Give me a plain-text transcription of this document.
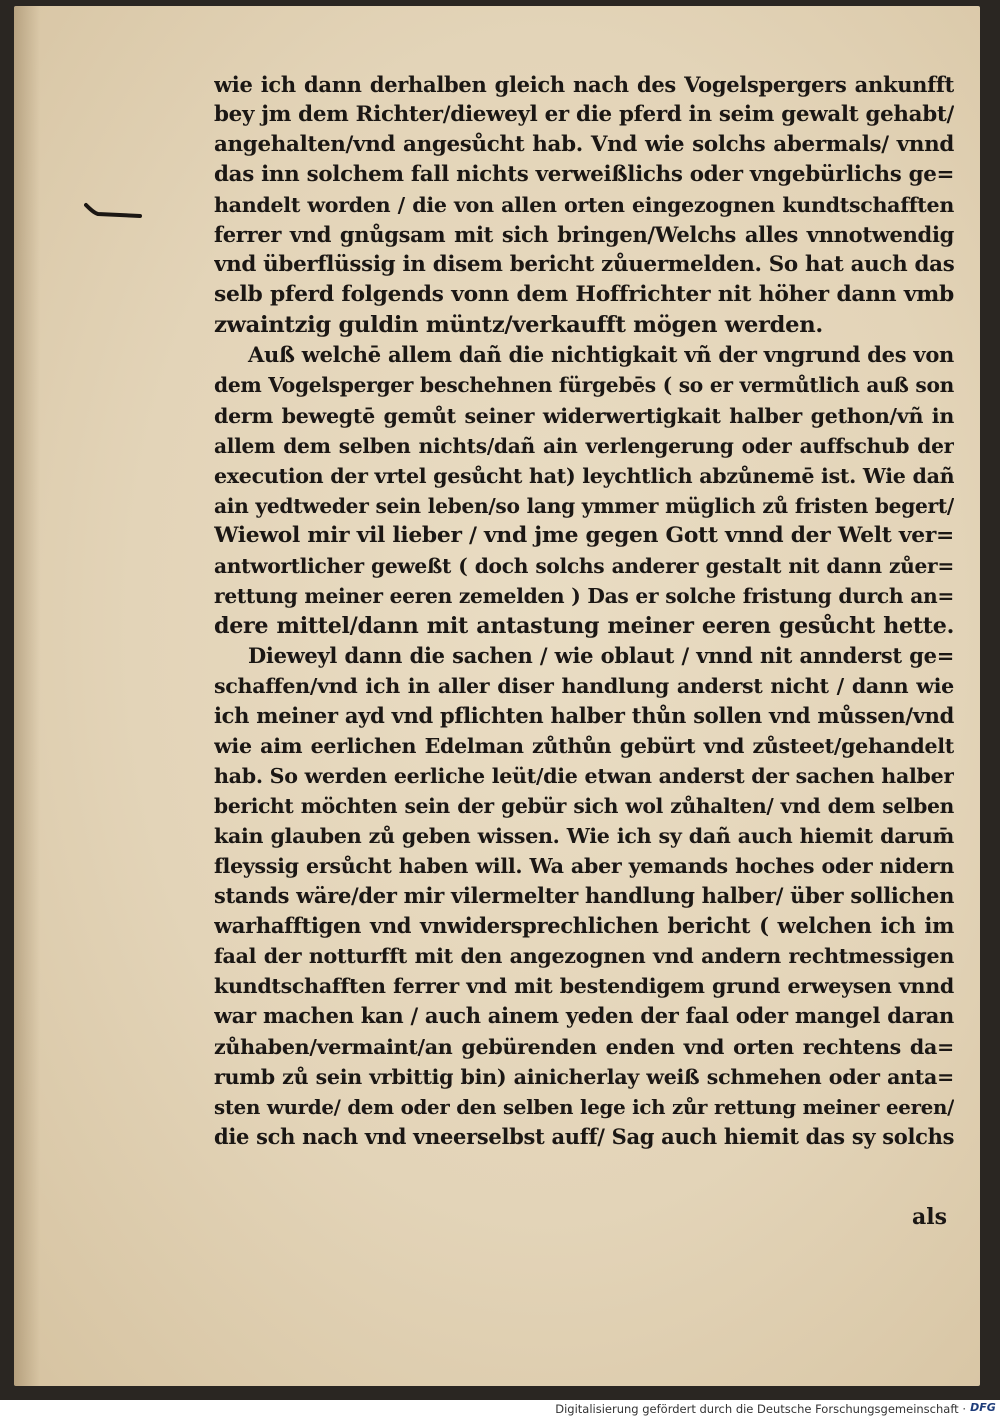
wie ich dann derhalben gleich nach des Vogelspergers ankunfft
bey jm dem Richter/dieweyl er die pferd in seim gewalt gehabt/
angehalten/vnd angesůcht hab. Vnd wie solchs abermals/ vnnd
das inn solchem fall nichts verweißlichs oder vngebürlichs ge=
handelt worden / die von allen orten eingezognen kundtschafften
ferrer vnd gnůgsam mit sich bringen/Welchs alles vnnotwendig
vnd überflüssig in disem bericht zůuermelden. So hat auch das
selb pferd folgends vonn dem Hoffrichter nit höher dann vmb
zwaintzig guldin müntz/verkaufft mögen werden.
Auß welchē allem dañ die nichtigkait vñ der vngrund des von
dem Vogelsperger beschehnen fürgebēs ( so er vermůtlich auß son
derm bewegtē gemůt seiner widerwertigkait halber gethon/vñ in
allem dem selben nichts/dañ ain verlengerung oder auffschub der
execution der vrtel gesůcht hat) leychtlich abzůnemē ist. Wie dañ
ain yedtweder sein leben/so lang ymmer müglich zů fristen begert/
Wiewol mir vil lieber / vnd jme gegen Gott vnnd der Welt ver=
antwortlicher geweßt ( doch solchs anderer gestalt nit dann zůer=
rettung meiner eeren zemelden ) Das er solche fristung durch an=
dere mittel/dann mit antastung meiner eeren gesůcht hette.
Dieweyl dann die sachen / wie oblaut / vnnd nit annderst ge=
schaffen/vnd ich in aller diser handlung anderst nicht / dann wie
ich meiner ayd vnd pflichten halber thůn sollen vnd můssen/vnd
wie aim eerlichen Edelman zůthůn gebürt vnd zůsteet/gehandelt
hab. So werden eerliche leüt/die etwan anderst der sachen halber
bericht möchten sein der gebür sich wol zůhalten/ vnd dem selben
kain glauben zů geben wissen. Wie ich sy dañ auch hiemit darum̄
fleyssig ersůcht haben will. Wa aber yemands hoches oder nidern
stands wäre/der mir vilermelter handlung halber/ über sollichen
warhafftigen vnd vnwidersprechlichen bericht ( welchen ich im
faal der notturfft mit den angezognen vnd andern rechtmessigen
kundtschafften ferrer vnd mit bestendigem grund erweysen vnnd
war machen kan / auch ainem yeden der faal oder mangel daran
zůhaben/vermaint/an gebürenden enden vnd orten rechtens da=
rumb zů sein vrbittig bin) ainicherlay weiß schmehen oder anta=
sten wurde/ dem oder den selben lege ich zůr rettung meiner eeren/
die sch nach vnd vneerselbst auff/ Sag auch hiemit das sy solchs
als
Digitalisierung gefördert durch die Deutsche Forschungsgemeinschaft · DFG
